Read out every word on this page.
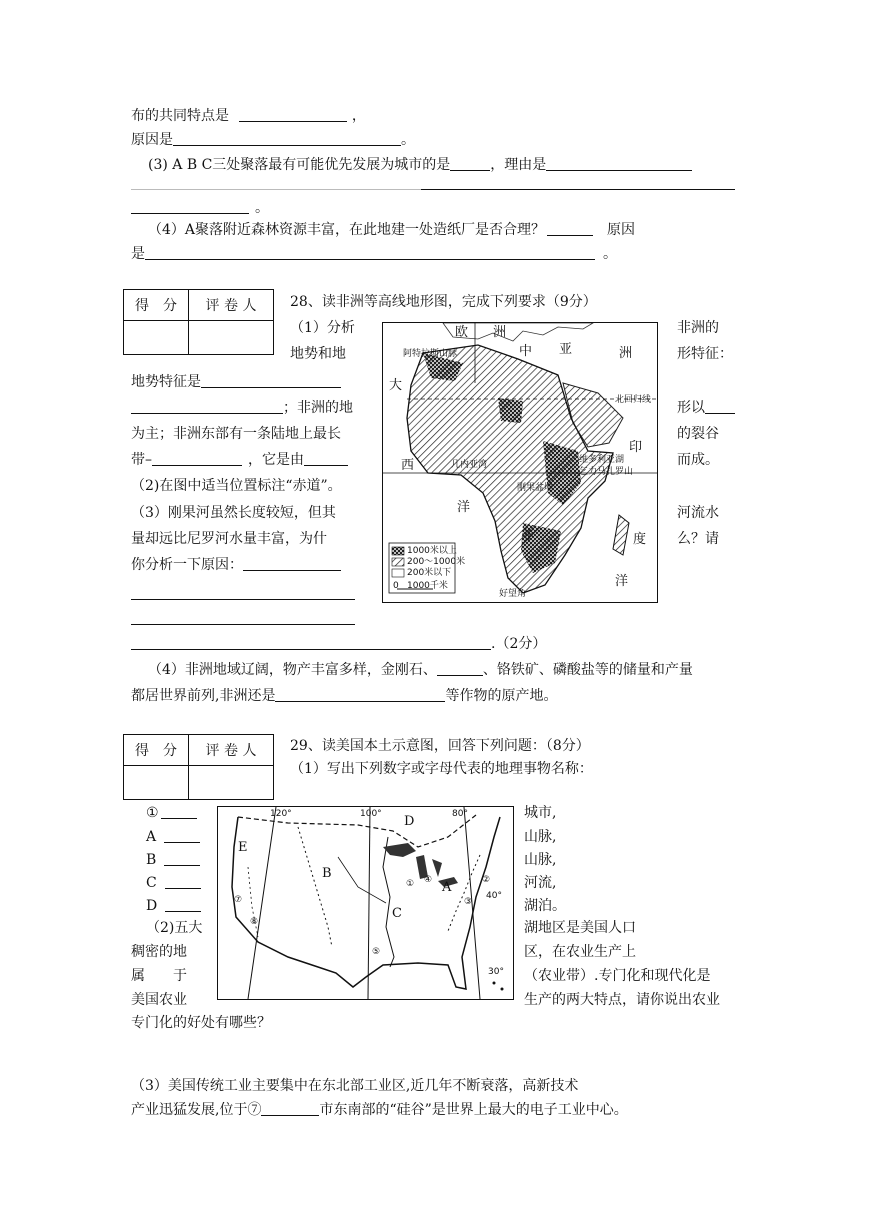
布的共同特点是	，
原因是	。
(3) A B C三处聚落最有可能优先发展为城市的是	，理由是
。
（4）A聚落附近森林资源丰富，在此地建一处造纸厂是否合理？	原因
是	。
得　分	评 卷 人
	28、读非洲等高线地形图，完成下列要求（9分）
（1）分析	非洲的
地势和地	形特征：
地势特征是
；非洲的地	形以
为主；非洲东部有一条陆地上最长	的裂谷
带–	，它是由	而成。
（2)在图中适当位置标注“赤道”。
（3）刚果河虽然长度较短，但其	河流水
量却远比尼罗河水量丰富，为什	么？请
你分析一下原因：
.（2分）
（4）非洲地域辽阔，物产丰富多样，金刚石、	、铬铁矿、磷酸盐等的储量和产量
都居世界前列,非洲还是	等作物的原产地。
欧 洲
中 亚	洲
阿特拉斯山脉
大
北回归线
印
西	几内亚湾	维多利亚湖
乞力马扎罗山
刚果盆地
洋
非	度
洋
好望角
1000米以上
200～1000米
200米以下
0 1000千米
得　分	评 卷 人
	29、读美国本土示意图，回答下列问题：（8分）
（1）写出下列数字或字母代表的地理事物名称：
①
A
B
C
D
城市,
山脉,
山脉,
河流,
湖泊。
（2)五大	湖地区是美国人口
稠密的地	区，在农业生产上
属　　于	（农业带）.专门化和现代化是
美国农业	生产的两大特点，请你说出农业
专门化的好处有哪些？
（3）美国传统工业主要集中在东北部工业区,近几年不断衰落，高新技术
产业迅猛发展,位于⑦	市东南部的“硅谷”是世界上最大的电子工业中心。
120°	100°	80°
E
B
D
C
A
① ④	②
③
40°
⑦
⑧
⑤
30°
